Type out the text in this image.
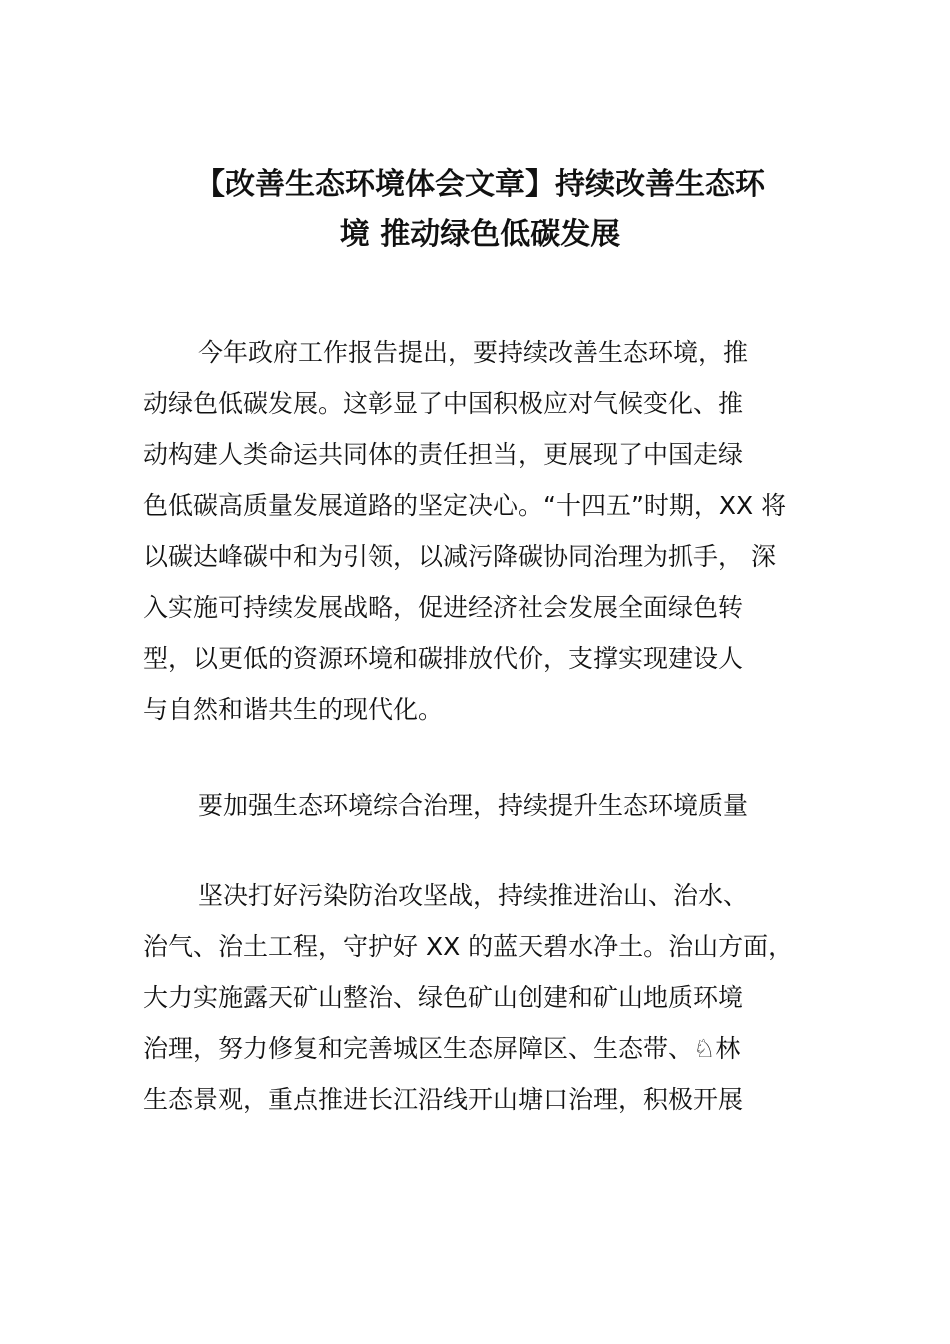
【改善生态环境体会文章】持续改善生态环
境 推动绿色低碳发展
今年政府工作报告提出，要持续改善生态环境，推
动绿色低碳发展。这彰显了中国积极应对气候变化、推
动构建人类命运共同体的责任担当，更展现了中国走绿
色低碳高质量发展道路的坚定决心。“十四五”时期，XX 将
以碳达峰碳中和为引领，以减污降碳协同治理为抓手， 深
入实施可持续发展战略，促进经济社会发展全面绿色转
型，以更低的资源环境和碳排放代价，支撑实现建设人
与自然和谐共生的现代化。
要加强生态环境综合治理，持续提升生态环境质量
坚决打好污染防治攻坚战，持续推进治山、治水、
治气、治土工程，守护好 XX 的蓝天碧水净土。治山方面，
大力实施露天矿山整治、绿色矿山创建和矿山地质环境
治理，努力修复和完善城区生态屏障区、生态带、♘林
生态景观，重点推进长江沿线开山塘口治理，积极开展
